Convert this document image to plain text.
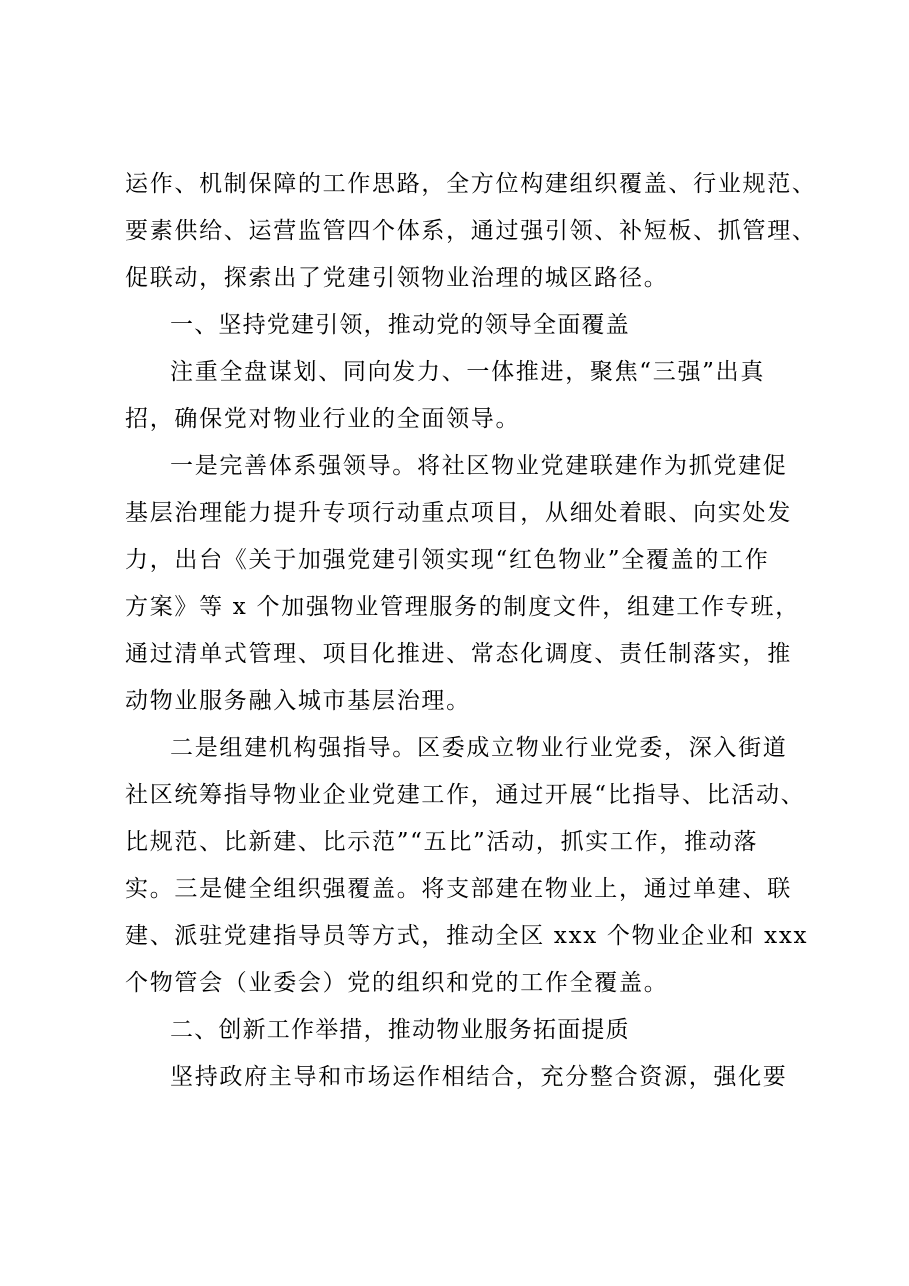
运作、机制保障的工作思路，全方位构建组织覆盖、行业规范、
要素供给、运营监管四个体系，通过强引领、补短板、抓管理、
促联动，探索出了党建引领物业治理的城区路径。
一、坚持党建引领，推动党的领导全面覆盖
注重全盘谋划、同向发力、一体推进，聚焦“三强”出真
招，确保党对物业行业的全面领导。
一是完善体系强领导。将社区物业党建联建作为抓党建促
基层治理能力提升专项行动重点项目，从细处着眼、向实处发
力，出台《关于加强党建引领实现“红色物业”全覆盖的工作
方案》等 x 个加强物业管理服务的制度文件，组建工作专班，
通过清单式管理、项目化推进、常态化调度、责任制落实，推
动物业服务融入城市基层治理。
二是组建机构强指导。区委成立物业行业党委，深入街道
社区统筹指导物业企业党建工作，通过开展“比指导、比活动、
比规范、比新建、比示范”“五比”活动，抓实工作，推动落
实。三是健全组织强覆盖。将支部建在物业上，通过单建、联
建、派驻党建指导员等方式，推动全区 xxx 个物业企业和 xxx
个物管会（业委会）党的组织和党的工作全覆盖。
二、创新工作举措，推动物业服务拓面提质
坚持政府主导和市场运作相结合，充分整合资源，强化要
